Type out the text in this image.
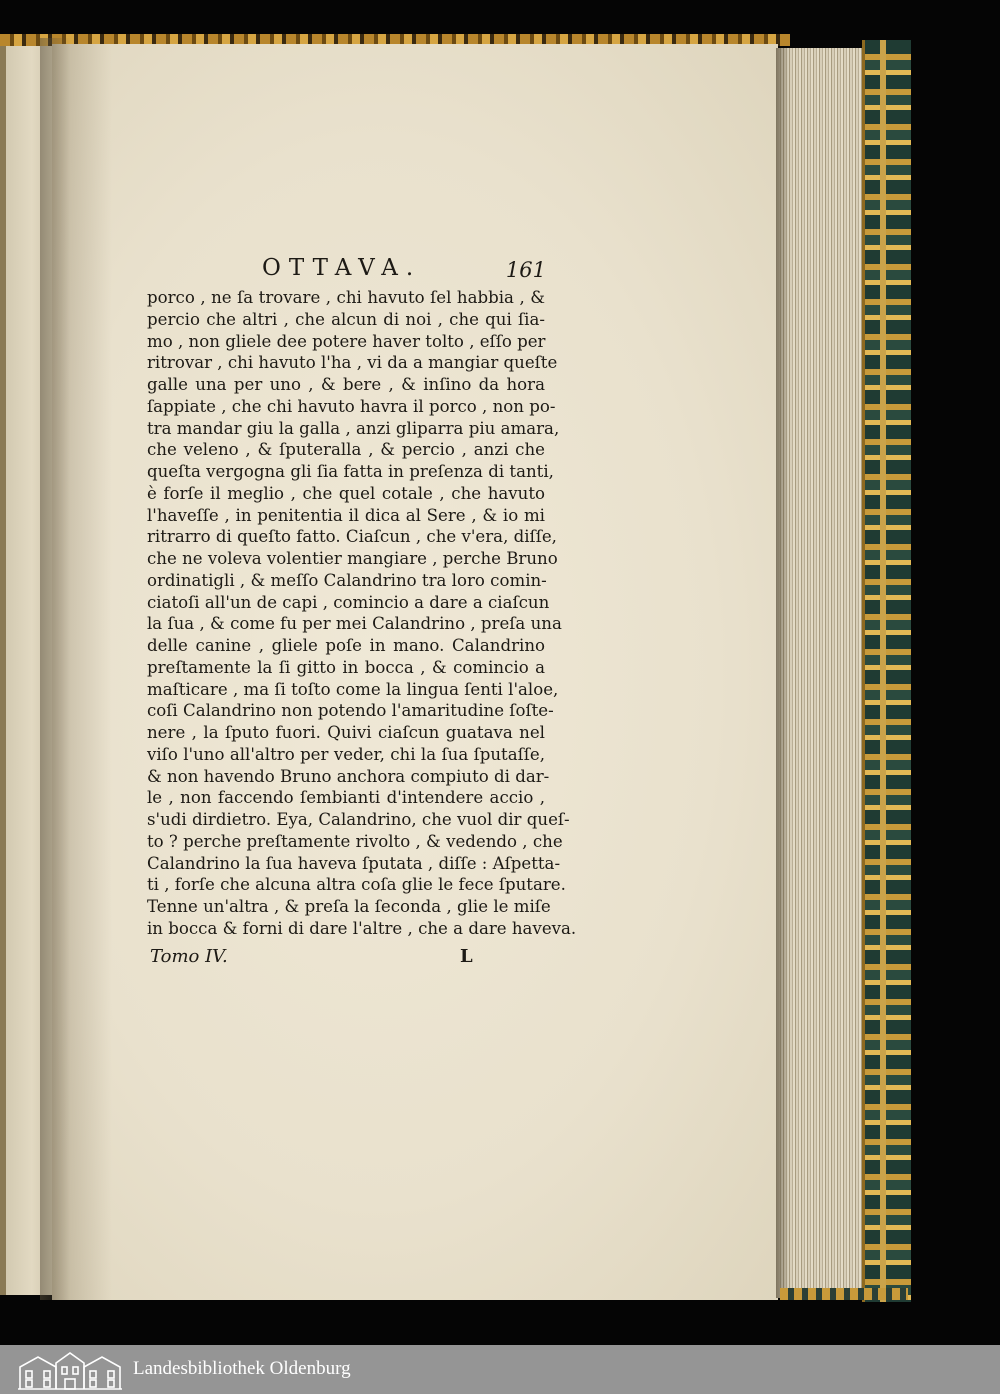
OTTAVA.	161
porco , ne ſa trovare , chi havuto ſel habbia , &
percio che altri , che alcun di noi , che qui ſia-
mo , non gliele dee potere haver tolto , eſſo per
ritrovar , chi havuto l'ha , vi da a mangiar queſte
galle una per uno , & bere , & inſino da hora
ſappiate , che chi havuto havra il porco , non po-
tra mandar giu la galla , anzi gliparra piu amara,
che veleno , & ſputeralla , & percio , anzi che
queſta vergogna gli ſia fatta in preſenza di tanti,
è forſe il meglio , che quel cotale , che havuto
l'haveſſe , in penitentia il dica al Sere , & io mi
ritrarro di queſto fatto. Ciaſcun , che v'era, diſſe,
che ne voleva volentier mangiare , perche Bruno
ordinatigli , & meſſo Calandrino tra loro comin-
ciatoſi all'un de capi , comincio a dare a ciaſcun
la ſua , & come fu per mei Calandrino , preſa una
delle canine , gliele poſe in mano. Calandrino
preſtamente la ſi gitto in bocca , & comincio a
maſticare , ma ſi toſto come la lingua ſenti l'aloe,
coſi Calandrino non potendo l'amaritudine ſoſte-
nere , la ſputo fuori. Quivi ciaſcun guatava nel
viſo l'uno all'altro per veder, chi la ſua ſputaſſe,
& non havendo Bruno anchora compiuto di dar-
le , non faccendo ſembianti d'intendere accio ,
s'udi dirdietro. Eya, Calandrino, che vuol dir queſ-
to ? perche preſtamente rivolto , & vedendo , che
Calandrino la ſua haveva ſputata , diſſe : Aſpetta-
ti , forſe che alcuna altra coſa glie le fece ſputare.
Tenne un'altra , & preſa la ſeconda , glie le miſe
in bocca & forni di dare l'altre , che a dare haveva.
Tomo IV.	L
Landesbibliothek Oldenburg
